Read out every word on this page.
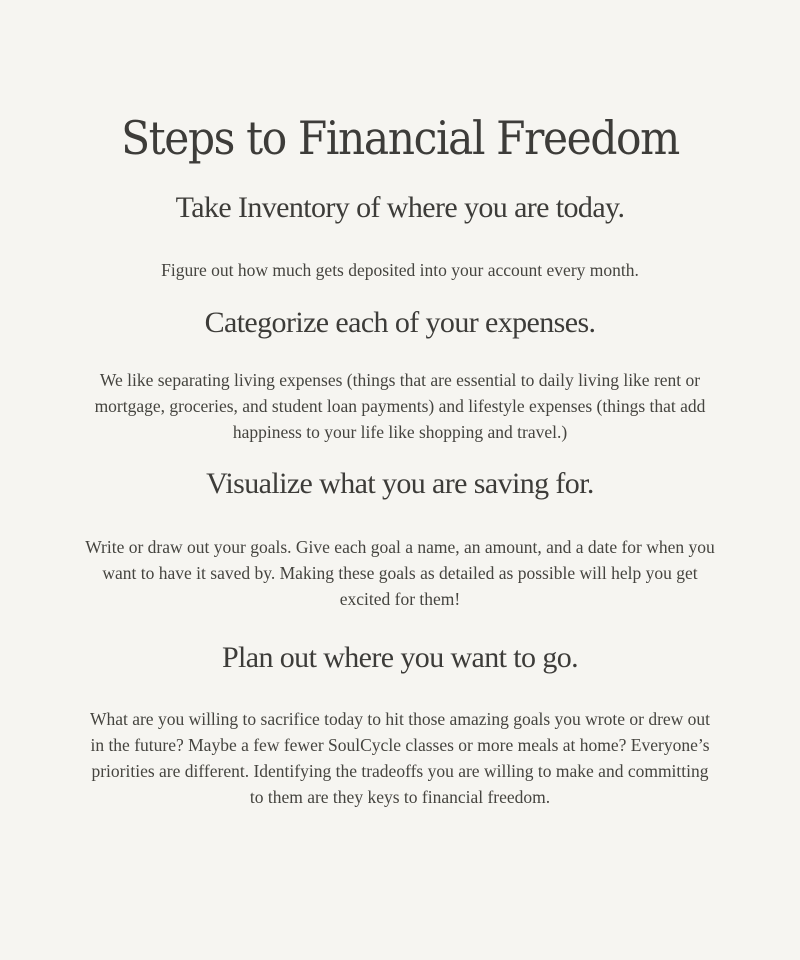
Steps to Financial Freedom
Take Inventory of where you are today.

Figure out how much gets deposited into your account every month.

Categorize each of your expenses.

We like separating living expenses (things that are essential to daily living like rent or mortgage, groceries, and student loan payments) and lifestyle expenses (things that add happiness to your life like shopping and travel.)

Visualize what you are saving for.

Write or draw out your goals. Give each goal a name, an amount, and a date for when you want to have it saved by. Making these goals as detailed as possible will help you get excited for them!

Plan out where you want to go.

What are you willing to sacrifice today to hit those amazing goals you wrote or drew out in the future? Maybe a few fewer SoulCycle classes or more meals at home? Everyone’s priorities are different. Identifying the tradeoffs you are willing to make and committing to them are they keys to financial freedom.
